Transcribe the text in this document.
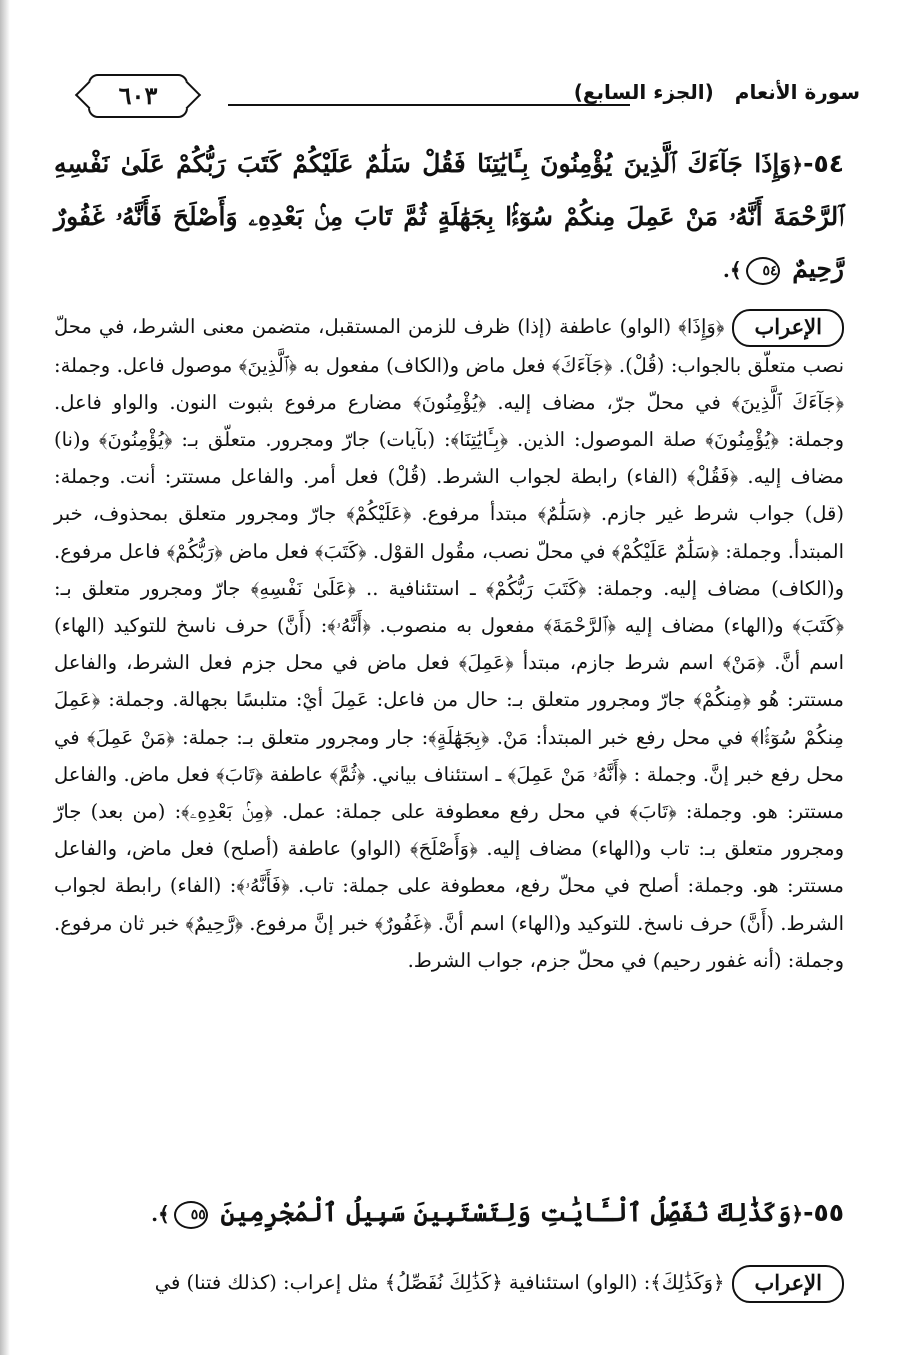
٦٠٣	سورة الأنعام (الجزء السابع)
٥٤-﴿وَإِذَا جَآءَكَ ٱلَّذِينَ يُؤْمِنُونَ بِـَٔايَٰتِنَا فَقُلْ سَلَٰمٌ عَلَيْكُمْ كَتَبَ رَبُّكُمْ عَلَىٰ نَفْسِهِ ٱلرَّحْمَةَ أَنَّهُۥ مَنْ عَمِلَ مِنكُمْ سُوٓءًۢا بِجَهَٰلَةٍ ثُمَّ تَابَ مِنۢ بَعْدِهِۦ وَأَصْلَحَ فَأَنَّهُۥ غَفُورٌ رَّحِيمٌ ٥٤﴾.
الإعراب﴿وَإِذَا﴾ (الواو) عاطفة (إذا) ظرف للزمن المستقبل، متضمن معنى الشرط، في محلّ نصب متعلّق بالجواب: (قُلْ). ﴿جَآءَكَ﴾ فعل ماض و(الكاف) مفعول به ﴿ٱلَّذِينَ﴾ موصول فاعل. وجملة: ﴿جَآءَكَ ٱلَّذِينَ﴾ في محلّ جرّ، مضاف إليه. ﴿يُؤْمِنُونَ﴾ مضارع مرفوع بثبوت النون. والواو فاعل. وجملة: ﴿يُؤْمِنُونَ﴾ صلة الموصول: الذين. ﴿بِـَٔايَٰتِنَا﴾: (بآيات) جارّ ومجرور. متعلّق بـ: ﴿يُؤْمِنُونَ﴾ و(نا) مضاف إليه. ﴿فَقُلْ﴾ (الفاء) رابطة لجواب الشرط. (قُلْ) فعل أمر. والفاعل مستتر: أنت. وجملة: (قل) جواب شرط غير جازم. ﴿سَلَٰمٌ﴾ مبتدأ مرفوع. ﴿عَلَيْكُمْ﴾ جارّ ومجرور متعلق بمحذوف، خبر المبتدأ. وجملة: ﴿سَلَٰمٌ عَلَيْكُمْ﴾ في محلّ نصب، مقُول القوْل. ﴿كَتَبَ﴾ فعل ماض ﴿رَبُّكُمْ﴾ فاعل مرفوع. و(الكاف) مضاف إليه. وجملة: ﴿كَتَبَ رَبُّكُمْ﴾ ـ استئنافية .. ﴿عَلَىٰ نَفْسِهِ﴾ جارّ ومجرور متعلق بـ: ﴿كَتَبَ﴾ و(الهاء) مضاف إليه ﴿ٱلرَّحْمَةَ﴾ مفعول به منصوب. ﴿أَنَّهُۥ﴾: (أَنَّ) حرف ناسخ للتوكيد (الهاء) اسم أنَّ. ﴿مَنْ﴾ اسم شرط جازم، مبتدأ ﴿عَمِلَ﴾ فعل ماض في محل جزم فعل الشرط، والفاعل مستتر: هُو ﴿مِنكُمْ﴾ جارّ ومجرور متعلق بـ: حال من فاعل: عَمِلَ أيْ: متلبسًا بجهالة. وجملة: ﴿عَمِلَ مِنكُمْ سُوٓءًۢا﴾ في محل رفع خبر المبتدأ: مَنْ. ﴿بِجَهَٰلَةٍ﴾: جار ومجرور متعلق بـ: جملة: ﴿مَنْ عَمِلَ﴾ في محل رفع خبر إنَّ. وجملة : ﴿أَنَّهُۥ مَنْ عَمِلَ﴾ ـ استئناف بياني. ﴿ثُمَّ﴾ عاطفة ﴿تَابَ﴾ فعل ماض. والفاعل مستتر: هو. وجملة: ﴿تَابَ﴾ في محل رفع معطوفة على جملة: عمل. ﴿مِنۢ بَعْدِهِۦ﴾: (من بعد) جارّ ومجرور متعلق بـ: تاب و(الهاء) مضاف إليه. ﴿وَأَصْلَحَ﴾ (الواو) عاطفة (أصلح) فعل ماض، والفاعل مستتر: هو. وجملة: أصلح في محلّ رفع، معطوفة على جملة: تاب. ﴿فَأَنَّهُۥ﴾: (الفاء) رابطة لجواب الشرط. (أَنَّ) حرف ناسخ. للتوكيد و(الهاء) اسم أنَّ. ﴿غَفُورٌ﴾ خبر إنَّ مرفوع. ﴿رَّحِيمٌ﴾ خبر ثان مرفوع. وجملة: (أنه غفور رحيم) في محلّ جزم، جواب الشرط.
٥٥-﴿وَكَذَٰلِكَ نُفَصِّلُ ٱلْـَٔايَٰتِ وَلِتَسْتَبِينَ سَبِيلُ ٱلْمُجْرِمِينَ ٥٥﴾.
الإعراب﴿وَكَذَٰلِكَ﴾: (الواو) استئنافية ﴿كَذَٰلِكَ نُفَصِّلُ﴾ مثل إعراب: (كذلك فتنا) في
